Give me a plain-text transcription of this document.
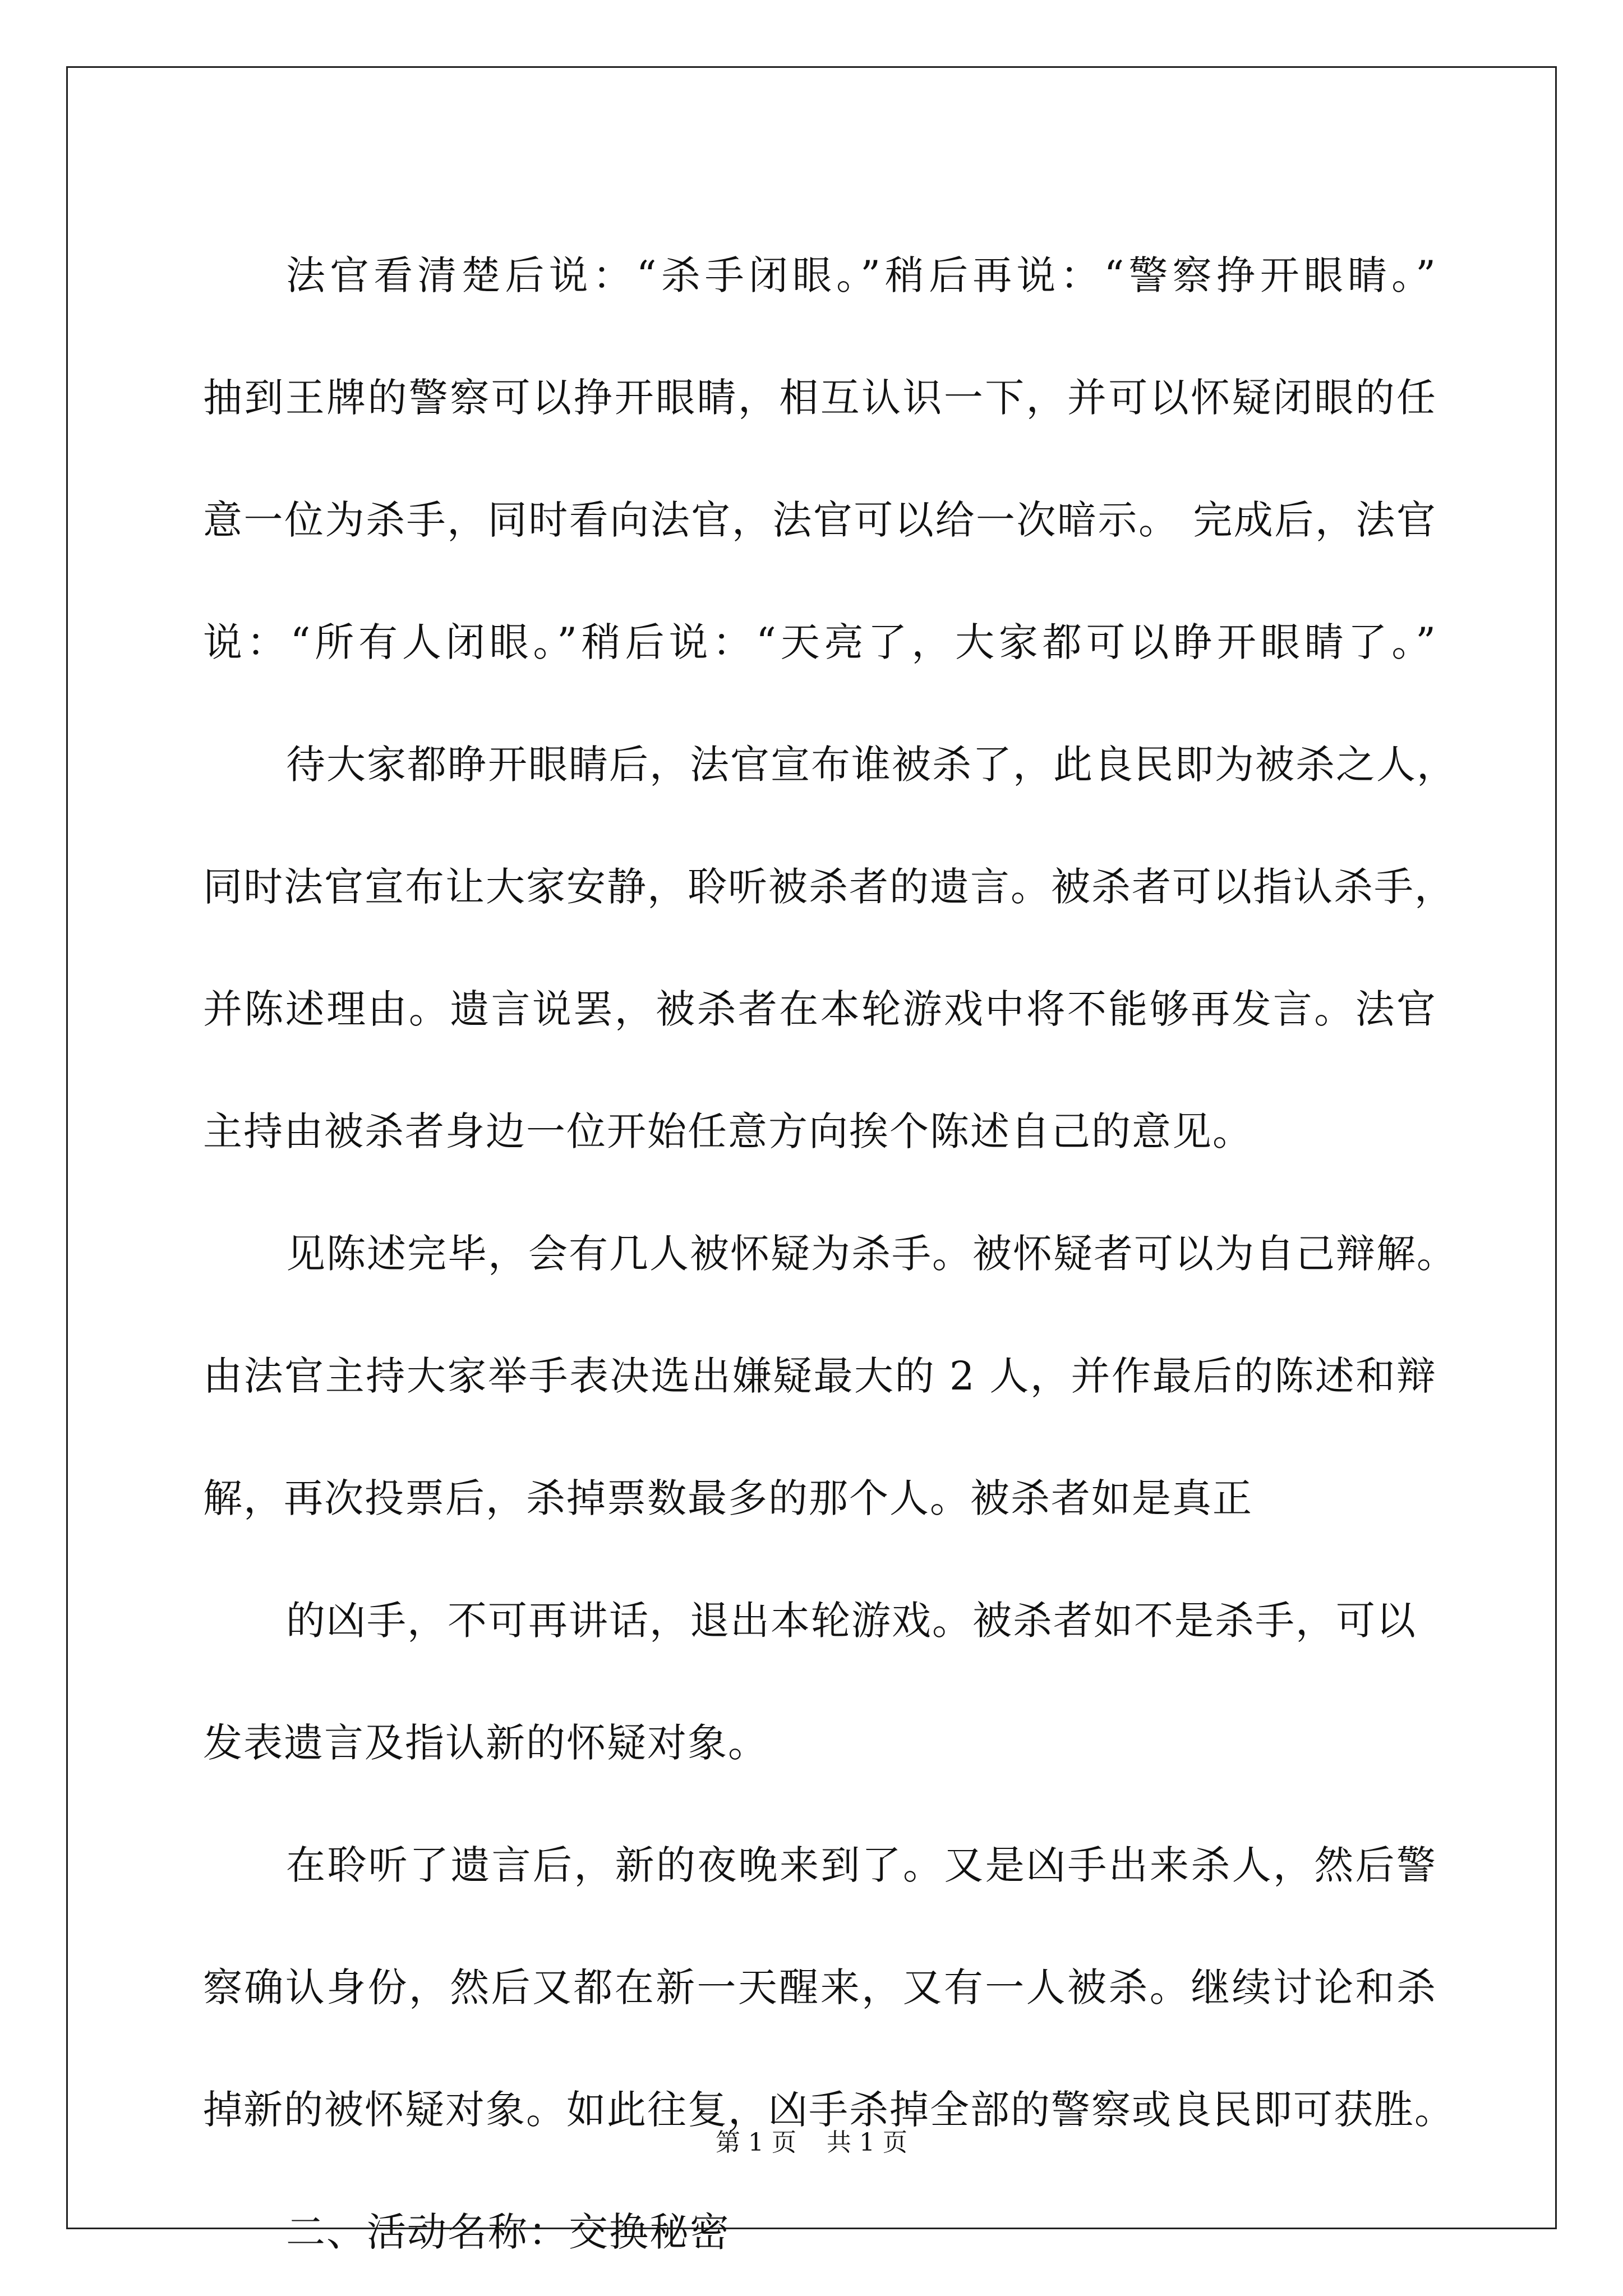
法官看清楚后说：“杀手闭眼。”稍后再说：“警察挣开眼睛。”
抽到王牌的警察可以挣开眼睛，相互认识一下，并可以怀疑闭眼的任
意一位为杀手，同时看向法官，法官可以给一次暗示。 完成后，法官
说：“所有人闭眼。”稍后说：“天亮了，大家都可以睁开眼睛了。”
待大家都睁开眼睛后，法官宣布谁被杀了，此良民即为被杀之人，
同时法官宣布让大家安静，聆听被杀者的遗言。被杀者可以指认杀手，
并陈述理由。遗言说罢，被杀者在本轮游戏中将不能够再发言。法官
主持由被杀者身边一位开始任意方向挨个陈述自己的意见。
见陈述完毕，会有几人被怀疑为杀手。被怀疑者可以为自己辩解。
由法官主持大家举手表决选出嫌疑最大的 2 人，并作最后的陈述和辩
解，再次投票后，杀掉票数最多的那个人。被杀者如是真正
的凶手，不可再讲话，退出本轮游戏。被杀者如不是杀手，可以
发表遗言及指认新的怀疑对象。
在聆听了遗言后，新的夜晚来到了。又是凶手出来杀人，然后警
察确认身份，然后又都在新一天醒来，又有一人被杀。继续讨论和杀
掉新的被怀疑对象。如此往复，凶手杀掉全部的警察或良民即可获胜。
二、活动名称：交换秘密
第 1 页 共 1 页
